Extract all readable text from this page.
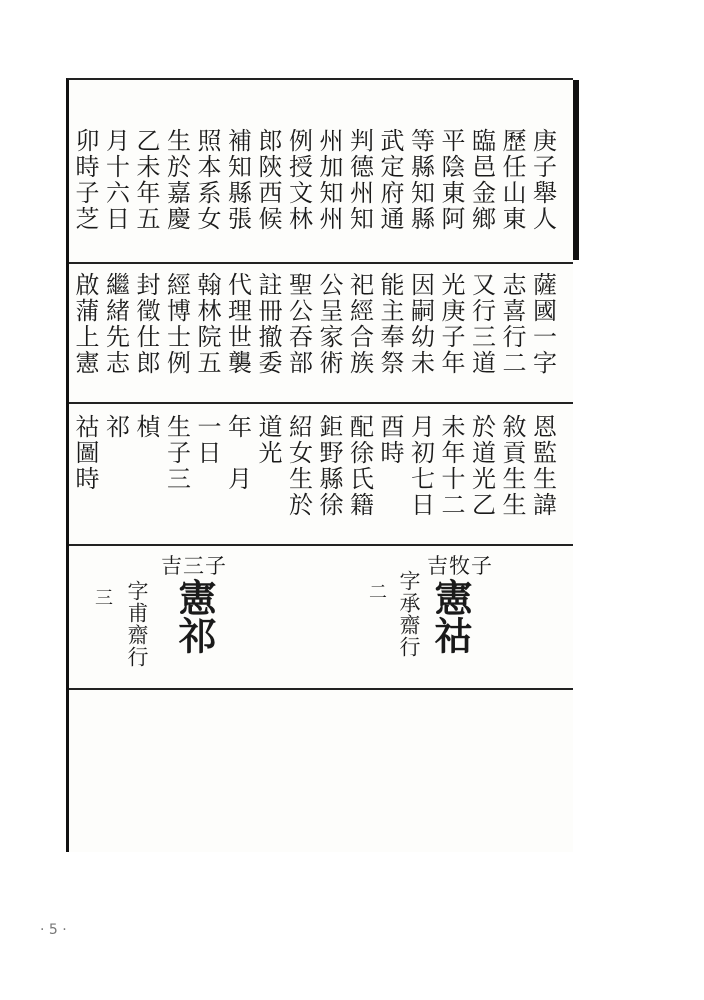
庚子舉人
歷任山東
臨邑金鄉
平陰東阿
等縣知縣
武定府通
判德州知
州加知州
例授文林
郎陝西候
補知縣張
照本系女
生於嘉慶
乙未年五
月十六日
卯時子芝
薩國一字
志喜行二
又行三道
光庚子年
因嗣幼未
能主奉祭
祀經合族
公呈家術
聖公吞部
註冊撤委
代理世襲
翰林院五
經博士例
封徵仕郎
繼緒先志
啟蒲上憲
恩監生諱
敘貢生生
於道光乙
未年十二
月初七日
酉時
配徐氏籍
鉅野縣徐
紹女生於
道光
年　月
一日
生子三
楨
祁
祜圖時
吉牧子
憲祜
字承齋行
二
吉三子
憲祁
字甫齋行
三
· 5 ·
